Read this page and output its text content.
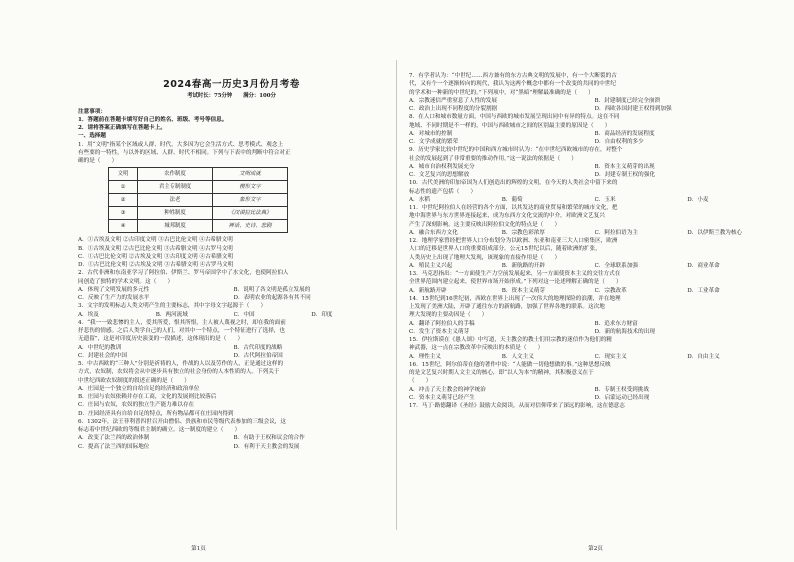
2024春高一历史3月份月考卷
考试时长：75分钟　　满分：100分
注意事项：
1．答题前在答题卡填写好自己的姓名、班级、考号等信息。
2．请将答案正确填写在答题卡上。
一、选择题
1．用“文明”指某个区域或人群、时代，大多因为它会生活方式、思考模式、观念上
有些要的一特性，与以外的区域、人群、时代不相同。下列与下表中的判断中符合对正
确的是（　　）
文明	农作制度	文明成就
①	君主专制制度	楔形文字
②	法老	象形文字
③	种姓制度	《汉谟拉比法典》
④	城邦制度	神话、史诗、悲剧
A．①古埃及文明 ②古印度文明 ③古巴比伦文明 ④古希腊文明
B．①古埃及文明 ②古巴比伦文明 ③古希腊文明 ④古罗马文明
C．①古巴比伦文明 ②古埃及文明 ③古印度文明 ④古希腊文明
D．①古巴比伦文明 ②古埃及文明 ③古希腊文明 ④古罗马文明
2．古代非洲和东南亚学习了阿拉伯、伊斯兰、罗马帝国学中了水文化，也使阿拉伯人
同创造了独特的学术文明。这（　　）
A．体现了文明发展的多元性	B．说明了各文明是孤立发展的
C．反映了生产力的发展水平	D．表明农业的起源各有其不同
3．文字的发明标志人类文明产生的主要标志，其中字母文字起源于（　　）
A．埃及	B．两河流域	C．中国	D．印度
4．“我一一致悲惨的主人，爱其所爱，恨其所恨，主人被人蔑视之时，却在我的面前
抒悲伤的情感。之后人类学自己的人们，对其中一个特点，一个特征进行了选择，也
无遗留”，这是对印度历史演变的一段描述，这体现出的是（　　）
A．中世纪的教训	B．古代印度的战略
C．封建社会的中国	D．古代阿拉伯帝国
5．中古西欧的“三种人”分别是祈祷的人，作战的人以及劳作的人，正是通过这样的
方式，农奴制，农奴将会从中逐步具有独立的社会身份的人本性质的人。下列关于
中世纪西欧农奴制度的叙述正确的是（　　）
A．庄园是一个独立的自给自足的经济和政治单位
B．庄园与农奴依赖并存在工商，文化的发展则比较落后
C．庄园与农奴，农奴的独立生产能力难以存在
D．庄园经济具有自给自足的特点，所有物品都可在庄园内得到
6．1302年，法王菲利普四世召开由僧侣、贵族和市民等级代表参加的三级会议，这
标志着中世纪西欧的等级君主制的确立。这一制度的建立（　　）
A．改变了法兰西的政治体制	B．有助于王权和议会的合作
C．提高了法兰西的国际地位	D．有利于天主教会的发展
第1页
7．有学者认为：“中世纪……西方兼有的东方古典文明的发展中，有一个大断裂的古
代，又有个一个逐渐转向的现代，我认为这两个概念中都有一个改变的共同的中世纪
的学术和一种新的中世纪的。”下列项中，对“黑暗”理解最准确的是（　　）
A．宗教迷信严重窒息了人性的发展	B．封建制度已经完全崩溃
C．政治上出现不同程度的分裂割据	D．西欧各国封建王权得到加强
8．在人口和城市数量方面，中国与西欧的城市发展呈现出同中有异的特点。这在不同
地域、不同时期是不一样的，中国与西欧城市之间的区别最主要的原因是（　　）
A．对城市的控制	B．商品经济的发展程度
C．文学成就的繁荣	D．自由权利的多少
9．历史学家比较中世纪的中国和西方城市时认为：“在中世纪西欧城市的存在，对整个
社会的发展起到了非常重要的推动作用。”这一说法的依据是（　　）
A．城市自治权利发展充分	B．资本主义萌芽的出现
C．文艺复兴的思想解放	D．封建专制王权的强化
10．古代美洲的印加帝国为人们创造出的辉煌的文明，在今天的人类社会中留下来的
标志性的遗产包括（　　）
A．水稻	B．葡萄	C．玉米	D．小麦
11．中世纪阿拉伯人在经营的各个方面，以其发达的商业贸易和繁荣的城市文化，把
地中海世界与东方世界连接起来，成为东西方文化交流的中介，对欧洲文艺复兴
产生了深刻影响。这主要反映出阿拉伯文化的特点是（　　）
A．融合东西方文化	B．宗教色彩浓厚	C．阿拉伯语为主	D．以伊斯兰教为核心
12．地理学家曾经把世界人口分布划分为以欧洲、东亚和南亚三大人口密集区，欧洲
人口的迁移是世界人口的重要组成部分。公元15世纪以后，随着欧洲的扩张，
人类历史上出现了地理大发现，该现象的直接作用是（　　）
A．殖民主义兴起	B．新航路的开辟	C．全球联系加强	D．商业革命
13．马克思指出：“一方面使生产力空前发展起来，另一方面使资本主义的交往方式在
全世界范围内建立起来，使世界市场开始形成。”下列对这一论述理解正确的是（　　）
A．新航路开辟	B．资本主义萌芽	C．宗教改革	D．工业革命
14．15世纪到16世纪初，西欧在世界上出现了一次伟大的地理探险的浪潮，并在地理
上发现了美洲大陆，开辟了通往东方的新航路，加强了世界各地的联系。这次地
理大发现的主要动因是（　　）
A．翻译了阿拉伯人的手稿	B．追求东方财富
C．发生了资本主义萌芽	D．新的航海技术的出现
15．伊拉斯谟在《愚人颂》中写道，天主教会的教士们用宗教的迷信作为他们的精
神武器，这一点在宗教改革中反映出的本质是（　　）
A．理性主义	B．人文主义	C．现实主义	D．自由主义
16．15世纪，阿尔伯蒂在他的著作中说：“人能做一切他想做的事。”这种思想反映
的是文艺复兴时期人文主义的核心，即“以人为本”的精神，其积极意义在于
（　　）
A．冲击了天主教会的神学统治	B．专制王权受到挑战
C．资本主义萌芽已经产生	D．启蒙运动已经出现
17．马丁·路德翻译《圣经》鼓励大众阅读，从而对信仰带来了深远的影响，这在德意志
第2页
